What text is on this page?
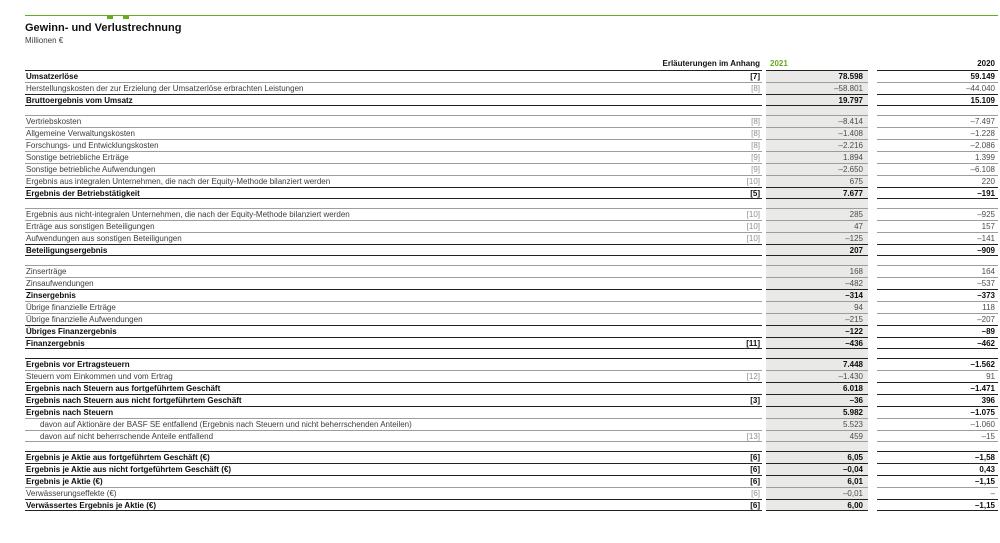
Gewinn- und Verlustrechnung
Millionen €
Erläuterungen im Anhang	2021	2020
Umsatzerlöse	[7]	78.598	59.149
Herstellungskosten der zur Erzielung der Umsatzerlöse erbrachten Leistungen	[8]	–58.801	–44.040
Bruttoergebnis vom Umsatz	19.797	15.109
Vertriebskosten	[8]	–8.414	–7.497
Allgemeine Verwaltungskosten	[8]	–1.408	–1.228
Forschungs- und Entwicklungskosten	[8]	–2.216	–2.086
Sonstige betriebliche Erträge	[9]	1.894	1.399
Sonstige betriebliche Aufwendungen	[9]	–2.650	–6.108
Ergebnis aus integralen Unternehmen, die nach der Equity-Methode bilanziert werden	[10]	675	220
Ergebnis der Betriebstätigkeit	[5]	7.677	–191
Ergebnis aus nicht-integralen Unternehmen, die nach der Equity-Methode bilanziert werden	[10]	285	–925
Erträge aus sonstigen Beteiligungen	[10]	47	157
Aufwendungen aus sonstigen Beteiligungen	[10]	–125	–141
Beteiligungsergebnis	207	–909
Zinserträge	168	164
Zinsaufwendungen	–482	–537
Zinsergebnis	–314	–373
Übrige finanzielle Erträge	94	118
Übrige finanzielle Aufwendungen	–215	–207
Übriges Finanzergebnis	–122	–89
Finanzergebnis	[11]	–436	–462
Ergebnis vor Ertragsteuern	7.448	–1.562
Steuern vom Einkommen und vom Ertrag	[12]	–1.430	91
Ergebnis nach Steuern aus fortgeführtem Geschäft	6.018	–1.471
Ergebnis nach Steuern aus nicht fortgeführtem Geschäft	[3]	–36	396
Ergebnis nach Steuern	5.982	–1.075
davon auf Aktionäre der BASF SE entfallend (Ergebnis nach Steuern und nicht beherrschenden Anteilen)	5.523	–1.060
davon auf nicht beherrschende Anteile entfallend	[13]	459	–15
Ergebnis je Aktie aus fortgeführtem Geschäft (€)	[6]	6,05	–1,58
Ergebnis je Aktie aus nicht fortgeführtem Geschäft (€)	[6]	–0,04	0,43
Ergebnis je Aktie (€)	[6]	6,01	–1,15
Verwässerungseffekte (€)	[6]	–0,01	–
Verwässertes Ergebnis je Aktie (€)	[6]	6,00	–1,15
